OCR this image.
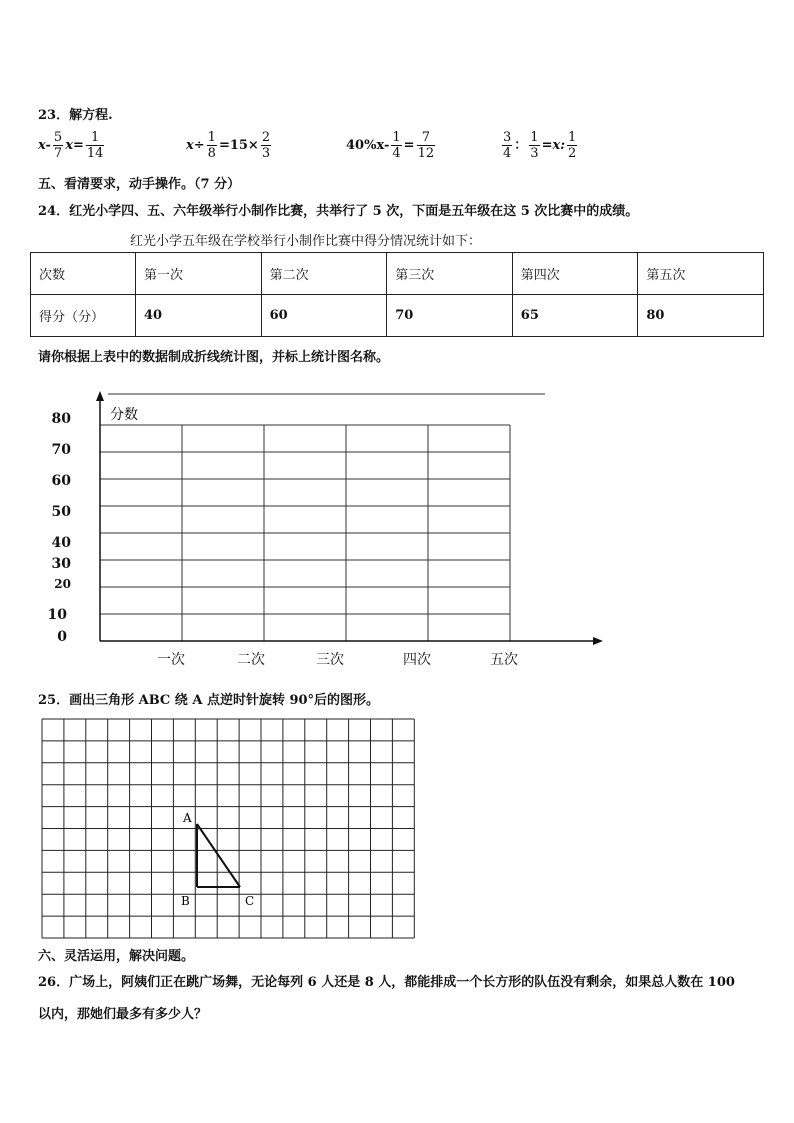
23．解方程.
$x- \frac{5}{7} x= \frac{1}{14}$	$x\div \frac{1}{8} =15\times \frac{2}{3}$	$40\%x- \frac{1}{4} = \frac{7}{12}$	$\frac{3}{4}$ ： $\frac{1}{3} =x$: $\frac{1}{2}$
五、看清要求，动手操作。（7 分）
24．红光小学四、五、六年级举行小制作比赛，共举行了 5 次，下面是五年级在这 5 次比赛中的成绩。
红光小学五年级在学校举行小制作比赛中得分情况统计如下：
次数	第一次	第二次	第三次	第四次	第五次
得分（分）	40	60	70	65	80
请你根据上表中的数据制成折线统计图，并标上统计图名称。
分数
80
70
60
50
40
30
20
10
0
一次	二次	三次	四次	五次
25．画出三角形 ABC 绕 A 点逆时针旋转 90°后的图形。
A
B	C
六、灵活运用，解决问题。
26．广场上，阿姨们正在跳广场舞，无论每列 6 人还是 8 人，都能排成一个长方形的队伍没有剩余，如果总人数在 100
以内，那她们最多有多少人？
